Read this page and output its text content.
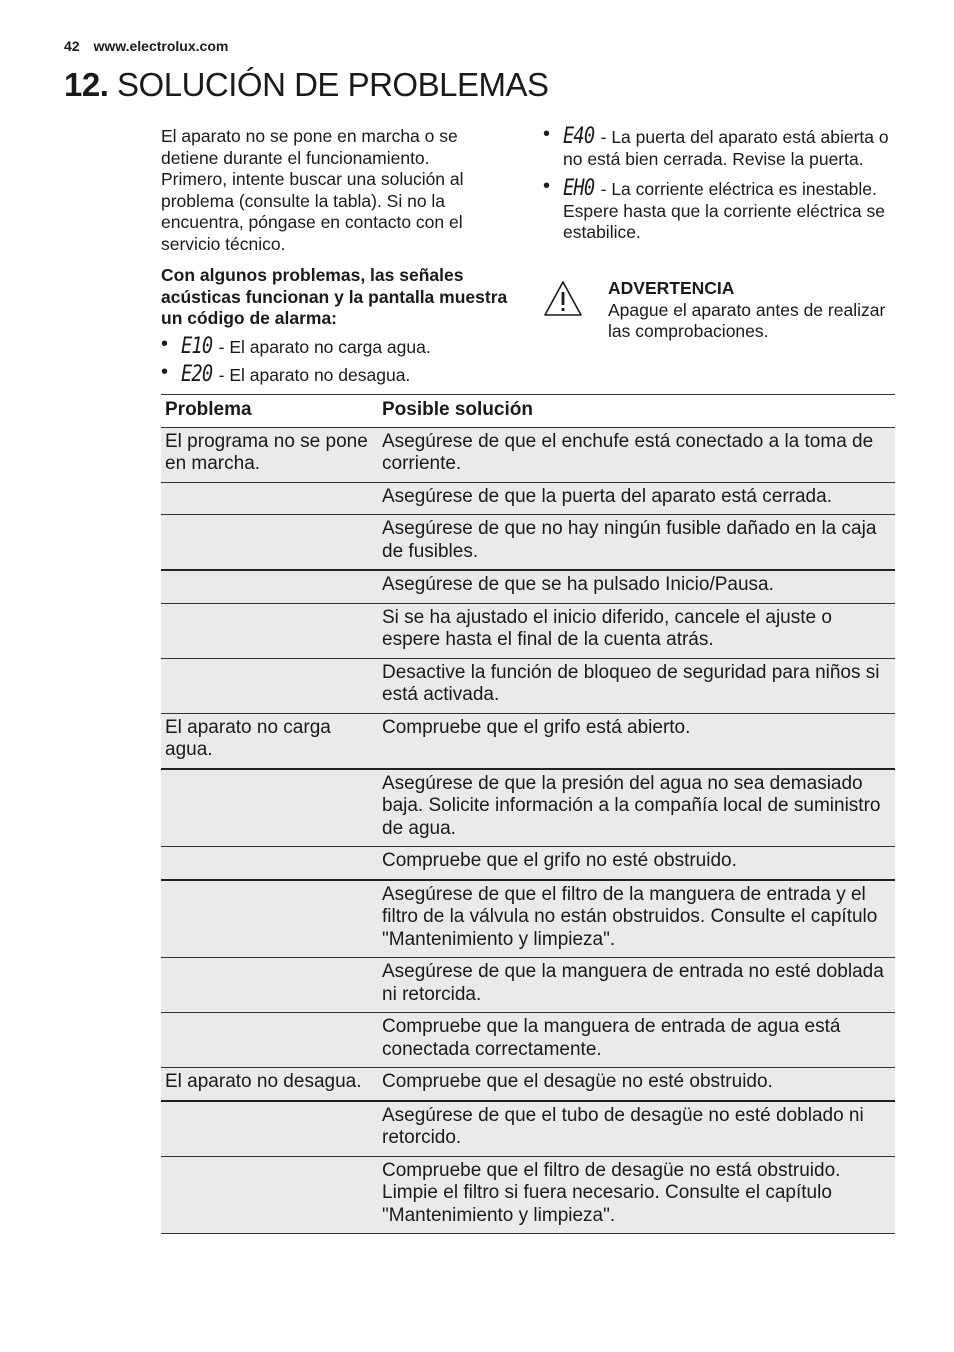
42 www.electrolux.com
12. SOLUCIÓN DE PROBLEMAS

El aparato no se pone en marcha o se detiene durante el funcionamiento.

Primero, intente buscar una solución al problema (consulte la tabla). Si no la encuentra, póngase en contacto con el servicio técnico.

Con algunos problemas, las señales acústicas funcionan y la pantalla muestra un código de alarma:

• E10 - El aparato no carga agua.
• E20 - El aparato no desagua.
• E40 - La puerta del aparato está abierta o no está bien cerrada. Revise la puerta.
• EH0 - La corriente eléctrica es inestable. Espere hasta que la corriente eléctrica se estabilice.
ADVERTENCIA
Apague el aparato antes de realizar las comprobaciones.
Problema	Posible solución
El programa no se pone en marcha.	Asegúrese de que el enchufe está conectado a la toma de corriente.
	Asegúrese de que la puerta del aparato está cerrada.
	Asegúrese de que no hay ningún fusible dañado en la caja de fusibles.
	Asegúrese de que se ha pulsado Inicio/Pausa.
	Si se ha ajustado el inicio diferido, cancele el ajuste o espere hasta el final de la cuenta atrás.
	Desactive la función de bloqueo de seguridad para niños si está activada.
El aparato no carga agua.	Compruebe que el grifo está abierto.
	Asegúrese de que la presión del agua no sea demasiado baja. Solicite información a la compañía local de suministro de agua.
	Compruebe que el grifo no esté obstruido.
	Asegúrese de que el filtro de la manguera de entrada y el filtro de la válvula no están obstruidos. Consulte el capítulo "Mantenimiento y limpieza".
	Asegúrese de que la manguera de entrada no esté doblada ni retorcida.
	Compruebe que la manguera de entrada de agua está conectada correctamente.
El aparato no desagua.	Compruebe que el desagüe no esté obstruido.
	Asegúrese de que el tubo de desagüe no esté doblado ni retorcido.
	Compruebe que el filtro de desagüe no está obstruido. Limpie el filtro si fuera necesario. Consulte el capítulo "Mantenimiento y limpieza".
